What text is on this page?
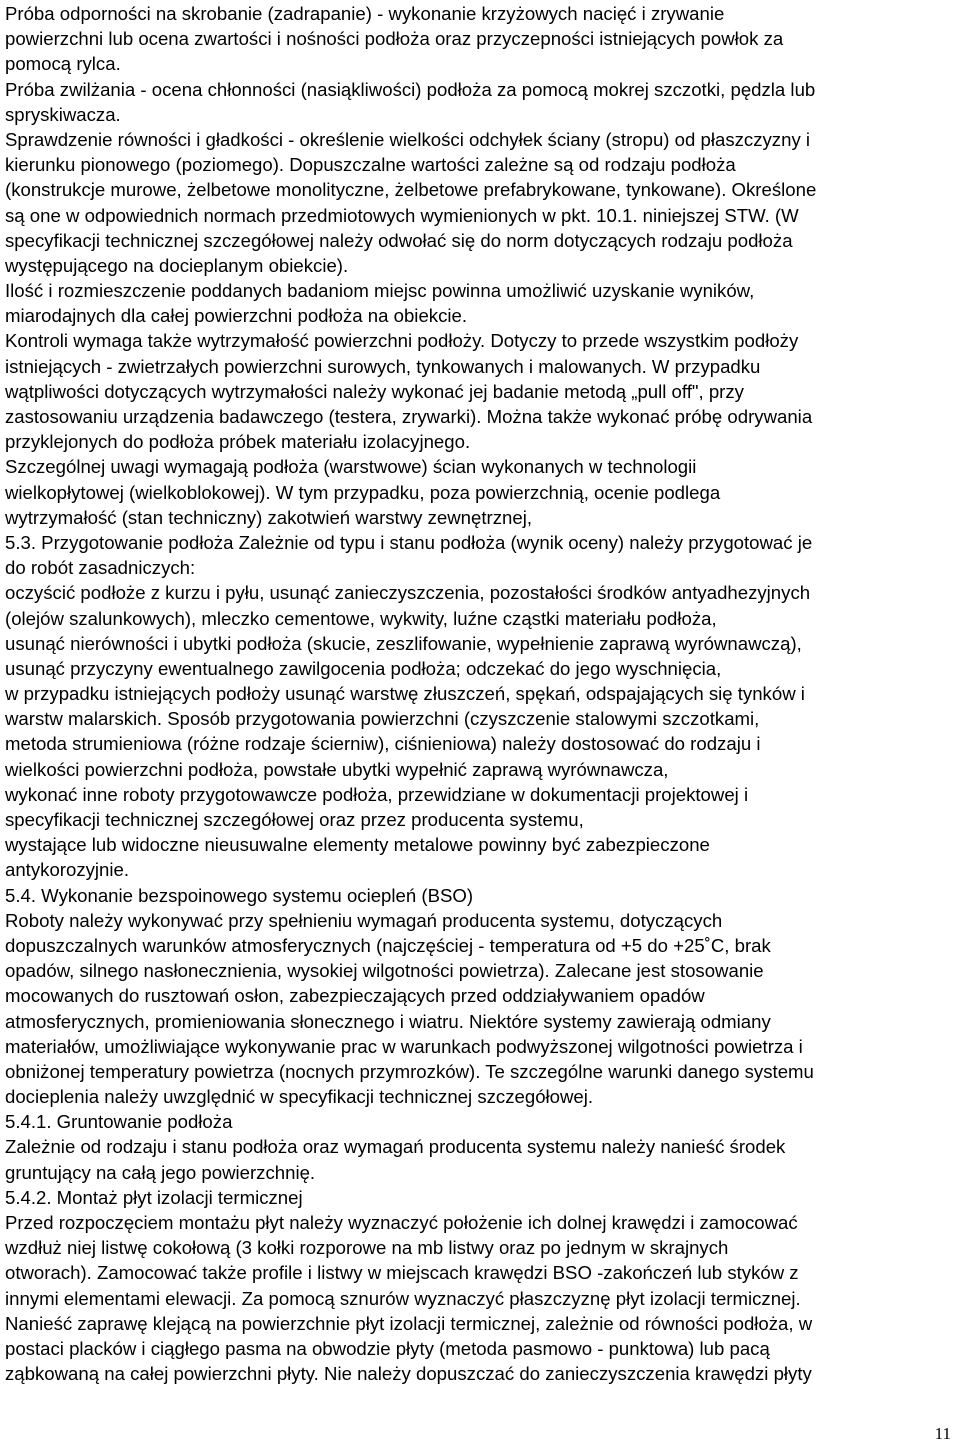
Próba odporności na skrobanie (zadrapanie) - wykonanie krzyżowych nacięć i zrywanie
powierzchni lub ocena zwartości i nośności podłoża oraz przyczepności istniejących powłok za
pomocą rylca.
Próba zwilżania - ocena chłonności (nasiąkliwości) podłoża za pomocą mokrej szczotki, pędzla lub
spryskiwacza.
Sprawdzenie równości i gładkości - określenie wielkości odchyłek ściany (stropu) od płaszczyzny i
kierunku pionowego (poziomego). Dopuszczalne wartości zależne są od rodzaju podłoża
(konstrukcje murowe, żelbetowe monolityczne, żelbetowe prefabrykowane, tynkowane). Określone
są one w odpowiednich normach przedmiotowych wymienionych w pkt. 10.1. niniejszej STW. (W
specyfikacji technicznej szczegółowej należy odwołać się do norm dotyczących rodzaju podłoża
występującego na docieplanym obiekcie).
Ilość i rozmieszczenie poddanych badaniom miejsc powinna umożliwić uzyskanie wyników,
miarodajnych dla całej powierzchni podłoża na obiekcie.
Kontroli wymaga także wytrzymałość powierzchni podłoży. Dotyczy to przede wszystkim podłoży
istniejących - zwietrzałych powierzchni surowych, tynkowanych i malowanych. W przypadku
wątpliwości dotyczących wytrzymałości należy wykonać jej badanie metodą „pull off", przy
zastosowaniu urządzenia badawczego (testera, zrywarki). Można także wykonać próbę odrywania
przyklejonych do podłoża próbek materiału izolacyjnego.
Szczególnej uwagi wymagają podłoża (warstwowe) ścian wykonanych w technologii
wielkopłytowej (wielkoblokowej). W tym przypadku, poza powierzchnią, ocenie podlega
wytrzymałość (stan techniczny) zakotwień warstwy zewnętrznej,
5.3. Przygotowanie podłoża Zależnie od typu i stanu podłoża (wynik oceny) należy przygotować je
do robót zasadniczych:
oczyścić podłoże z kurzu i pyłu, usunąć zanieczyszczenia, pozostałości środków antyadhezyjnych
(olejów szalunkowych), mleczko cementowe, wykwity, luźne cząstki materiału podłoża,
usunąć nierówności i ubytki podłoża (skucie, zeszlifowanie, wypełnienie zaprawą wyrównawczą),
usunąć przyczyny ewentualnego zawilgocenia podłoża; odczekać do jego wyschnięcia,
w przypadku istniejących podłoży usunąć warstwę złuszczeń, spękań, odspajających się tynków i
warstw malarskich. Sposób przygotowania powierzchni (czyszczenie stalowymi szczotkami,
metoda strumieniowa (różne rodzaje ścierniw), ciśnieniowa) należy dostosować do rodzaju i
wielkości powierzchni podłoża, powstałe ubytki wypełnić zaprawą wyrównawcza,
wykonać inne roboty przygotowawcze podłoża, przewidziane w dokumentacji projektowej i
specyfikacji technicznej szczegółowej oraz przez producenta systemu,
wystające lub widoczne nieusuwalne elementy metalowe powinny być zabezpieczone
antykorozyjnie.
5.4. Wykonanie bezspoinowego systemu ociepleń (BSO)
Roboty należy wykonywać przy spełnieniu wymagań producenta systemu, dotyczących
dopuszczalnych warunków atmosferycznych (najczęściej - temperatura od +5 do +25˚C, brak
opadów, silnego nasłonecznienia, wysokiej wilgotności powietrza). Zalecane jest stosowanie
mocowanych do rusztowań osłon, zabezpieczających przed oddziaływaniem opadów
atmosferycznych, promieniowania słonecznego i wiatru. Niektóre systemy zawierają odmiany
materiałów, umożliwiające wykonywanie prac w warunkach podwyższonej wilgotności powietrza i
obniżonej temperatury powietrza (nocnych przymrozków). Te szczególne warunki danego systemu
docieplenia należy uwzględnić w specyfikacji technicznej szczegółowej.
5.4.1. Gruntowanie podłoża
Zależnie od rodzaju i stanu podłoża oraz wymagań producenta systemu należy nanieść środek
gruntujący na całą jego powierzchnię.
5.4.2. Montaż płyt izolacji termicznej
Przed rozpoczęciem montażu płyt należy wyznaczyć położenie ich dolnej krawędzi i zamocować
wzdłuż niej listwę cokołową (3 kołki rozporowe na mb listwy oraz po jednym w skrajnych
otworach). Zamocować także profile i listwy w miejscach krawędzi BSO -zakończeń lub styków z
innymi elementami elewacji. Za pomocą sznurów wyznaczyć płaszczyznę płyt izolacji termicznej.
Nanieść zaprawę klejącą na powierzchnie płyt izolacji termicznej, zależnie od równości podłoża, w
postaci placków i ciągłego pasma na obwodzie płyty (metoda pasmowo - punktowa) lub pacą
ząbkowaną na całej powierzchni płyty. Nie należy dopuszczać do zanieczyszczenia krawędzi płyty
11
